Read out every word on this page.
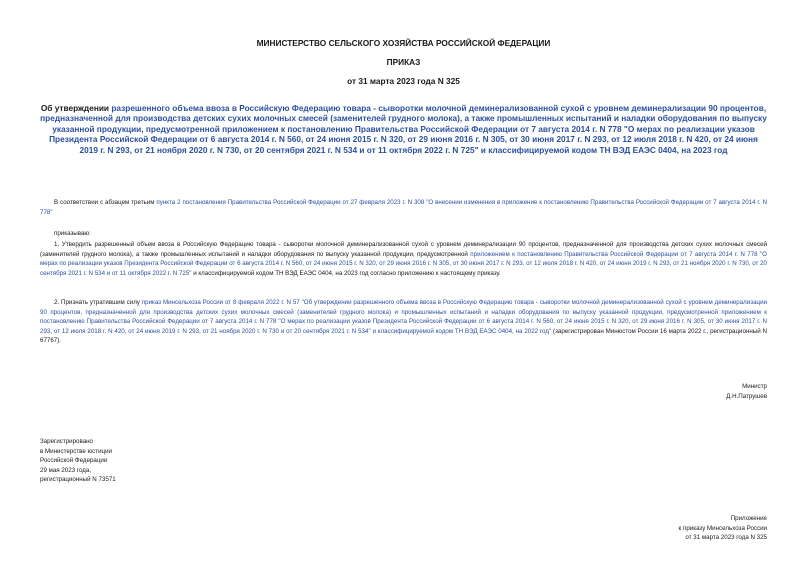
МИНИСТЕРСТВО СЕЛЬСКОГО ХОЗЯЙСТВА РОССИЙСКОЙ ФЕДЕРАЦИИ
ПРИКАЗ
от 31 марта 2023 года N 325
Об утверждении разрешенного объема ввоза в Российскую Федерацию товара - сыворотки молочной деминерализованной сухой с уровнем деминерализации 90 процентов, предназначенной для производства детских сухих молочных смесей (заменителей грудного молока), а также промышленных испытаний и наладки оборудования по выпуску указанной продукции, предусмотренной приложением к постановлению Правительства Российской Федерации от 7 августа 2014 г. N 778 "О мерах по реализации указов Президента Российской Федерации от 6 августа 2014 г. N 560, от 24 июня 2015 г. N 320, от 29 июня 2016 г. N 305, от 30 июня 2017 г. N 293, от 12 июля 2018 г. N 420, от 24 июня 2019 г. N 293, от 21 ноября 2020 г. N 730, от 20 сентября 2021 г. N 534 и от 11 октября 2022 г. N 725" и классифицируемой кодом ТН ВЭД ЕАЭС 0404, на 2023 год
В соответствии с абзацем третьим пункта 2 постановления Правительства Российской Федерации от 27 февраля 2023 г. N 308 "О внесении изменения в приложение к постановлению Правительства Российской Федерации от 7 августа 2014 г. N 778"
приказываю:
1. Утвердить разрешенный объем ввоза в Российскую Федерацию товара - сыворотки молочной деминерализованной сухой с уровнем деминерализации 90 процентов, предназначенной для производства детских сухих молочных смесей (заменителей грудного молока), а также промышленных испытаний и наладки оборудования по выпуску указанной продукции, предусмотренной приложением к постановлению Правительства Российской Федерации от 7 августа 2014 г. N 778 "О мерах по реализации указов Президента Российской Федерации от 6 августа 2014 г. N 560, от 24 июня 2015 г. N 320, от 29 июня 2016 г. N 305, от 30 июня 2017 г. N 293, от 12 июля 2018 г. N 420, от 24 июня 2019 г. N 293, от 21 ноября 2020 г. N 730, от 20 сентября 2021 г. N 534 и от 11 октября 2022 г. N 725" и классифицируемой кодом ТН ВЭД ЕАЭС 0404, на 2023 год согласно приложению к настоящему приказу.
2. Признать утратившим силу приказ Минсельхоза России от 8 февраля 2022 г. N 57 "Об утверждении разрешенного объема ввоза в Российскую Федерацию товара - сыворотки молочной деминерализованной сухой с уровнем деминерализации 90 процентов, предназначенной для производства детских сухих молочных смесей (заменителей грудного молока) и промышленных испытаний и наладки оборудования по выпуску указанной продукции, предусмотренной приложением к постановлению Правительства Российской Федерации от 7 августа 2014 г. N 778 "О мерах по реализации указов Президента Российской Федерации от 6 августа 2014 г. N 560, от 24 июня 2015 г. N 320, от 29 июня 2016 г. N 305, от 30 июня 2017 г. N 293, от 12 июля 2018 г. N 420, от 24 июня 2019 г. N 293, от 21 ноября 2020 г. N 730 и от 20 сентября 2021 г. N 534" и классифицируемой кодом ТН ВЭД ЕАЭС 0404, на 2022 год" (зарегистрирован Минюстом России 16 марта 2022 г., регистрационный N 67767).
Министр
Д.Н.Патрушев
Зарегистрировано
в Министерстве юстиции
Российской Федерации
29 мая 2023 года,
регистрационный N 73571
Приложение
к приказу Минсельхоза России
от 31 марта 2023 года N 325
